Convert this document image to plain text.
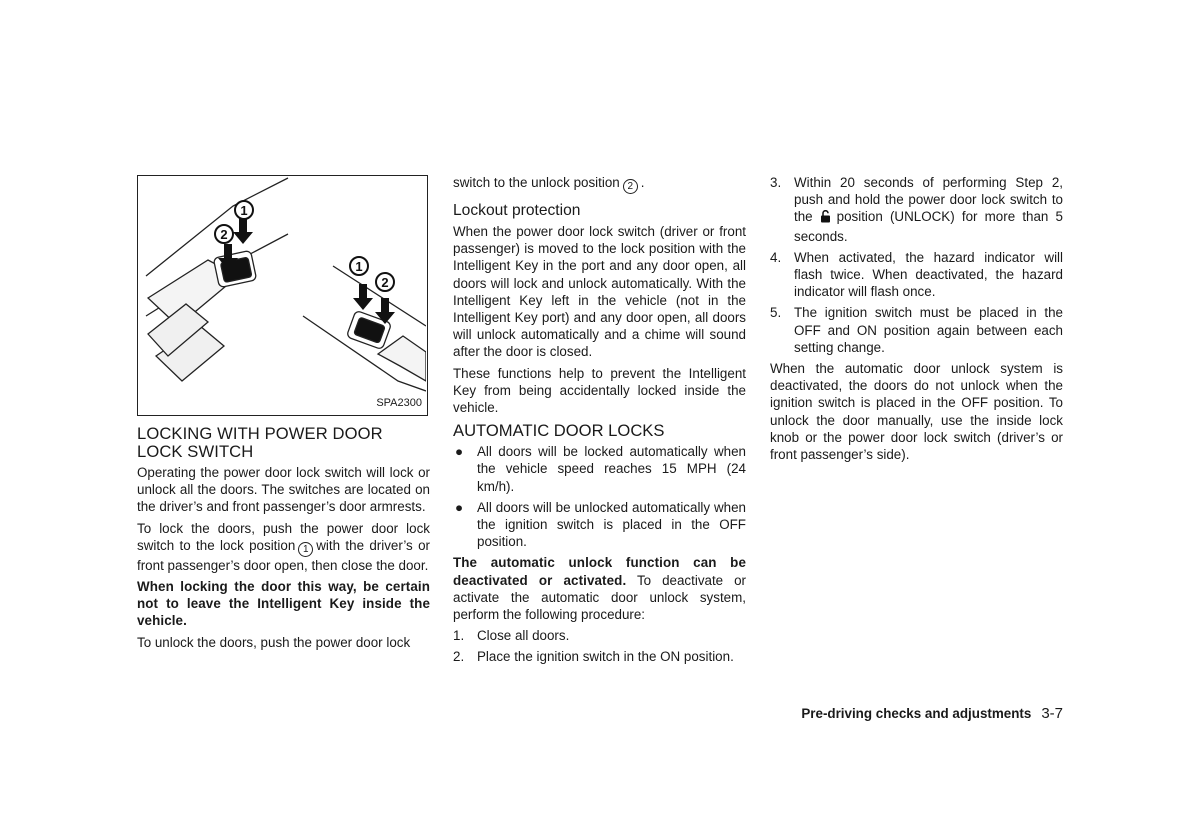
1
2
1
2
SPA2300
LOCKING WITH POWER DOOR LOCK SWITCH

Operating the power door lock switch will lock or unlock all the doors. The switches are located on the driver’s and front passenger’s door armrests.

To lock the doors, push the power door lock switch to the lock position 1 with the driver’s or front passenger’s door open, then close the door.

When locking the door this way, be certain not to leave the Intelligent Key inside the vehicle.

To unlock the doors, push the power door lock

switch to the unlock position 2 .

Lockout protection

When the power door lock switch (driver or front passenger) is moved to the lock position with the Intelligent Key in the port and any door open, all doors will lock and unlock automatically. With the Intelligent Key left in the vehicle (not in the Intelligent Key port) and any door open, all doors will unlock automatically and a chime will sound after the door is closed.

These functions help to prevent the Intelligent Key from being accidentally locked inside the vehicle.

AUTOMATIC DOOR LOCKS
● All doors will be locked automatically when the vehicle speed reaches 15 MPH (24 km/h).
● All doors will be unlocked automatically when the ignition switch is placed in the OFF position.

The automatic unlock function can be deactivated or activated. To deactivate or activate the automatic door unlock system, perform the following procedure:

1. Close all doors.
2. Place the ignition switch in the ON position.
3. Within 20 seconds of performing Step 2, push and hold the power door lock switch to the position (UNLOCK) for more than 5 seconds.
4. When activated, the hazard indicator will flash twice. When deactivated, the hazard indicator will flash once.
5. The ignition switch must be placed in the OFF and ON position again between each setting change.

When the automatic door unlock system is deactivated, the doors do not unlock when the ignition switch is placed in the OFF position. To unlock the door manually, use the inside lock knob or the power door lock switch (driver’s or front passenger’s side).

Pre-driving checks and adjustments 3-7
